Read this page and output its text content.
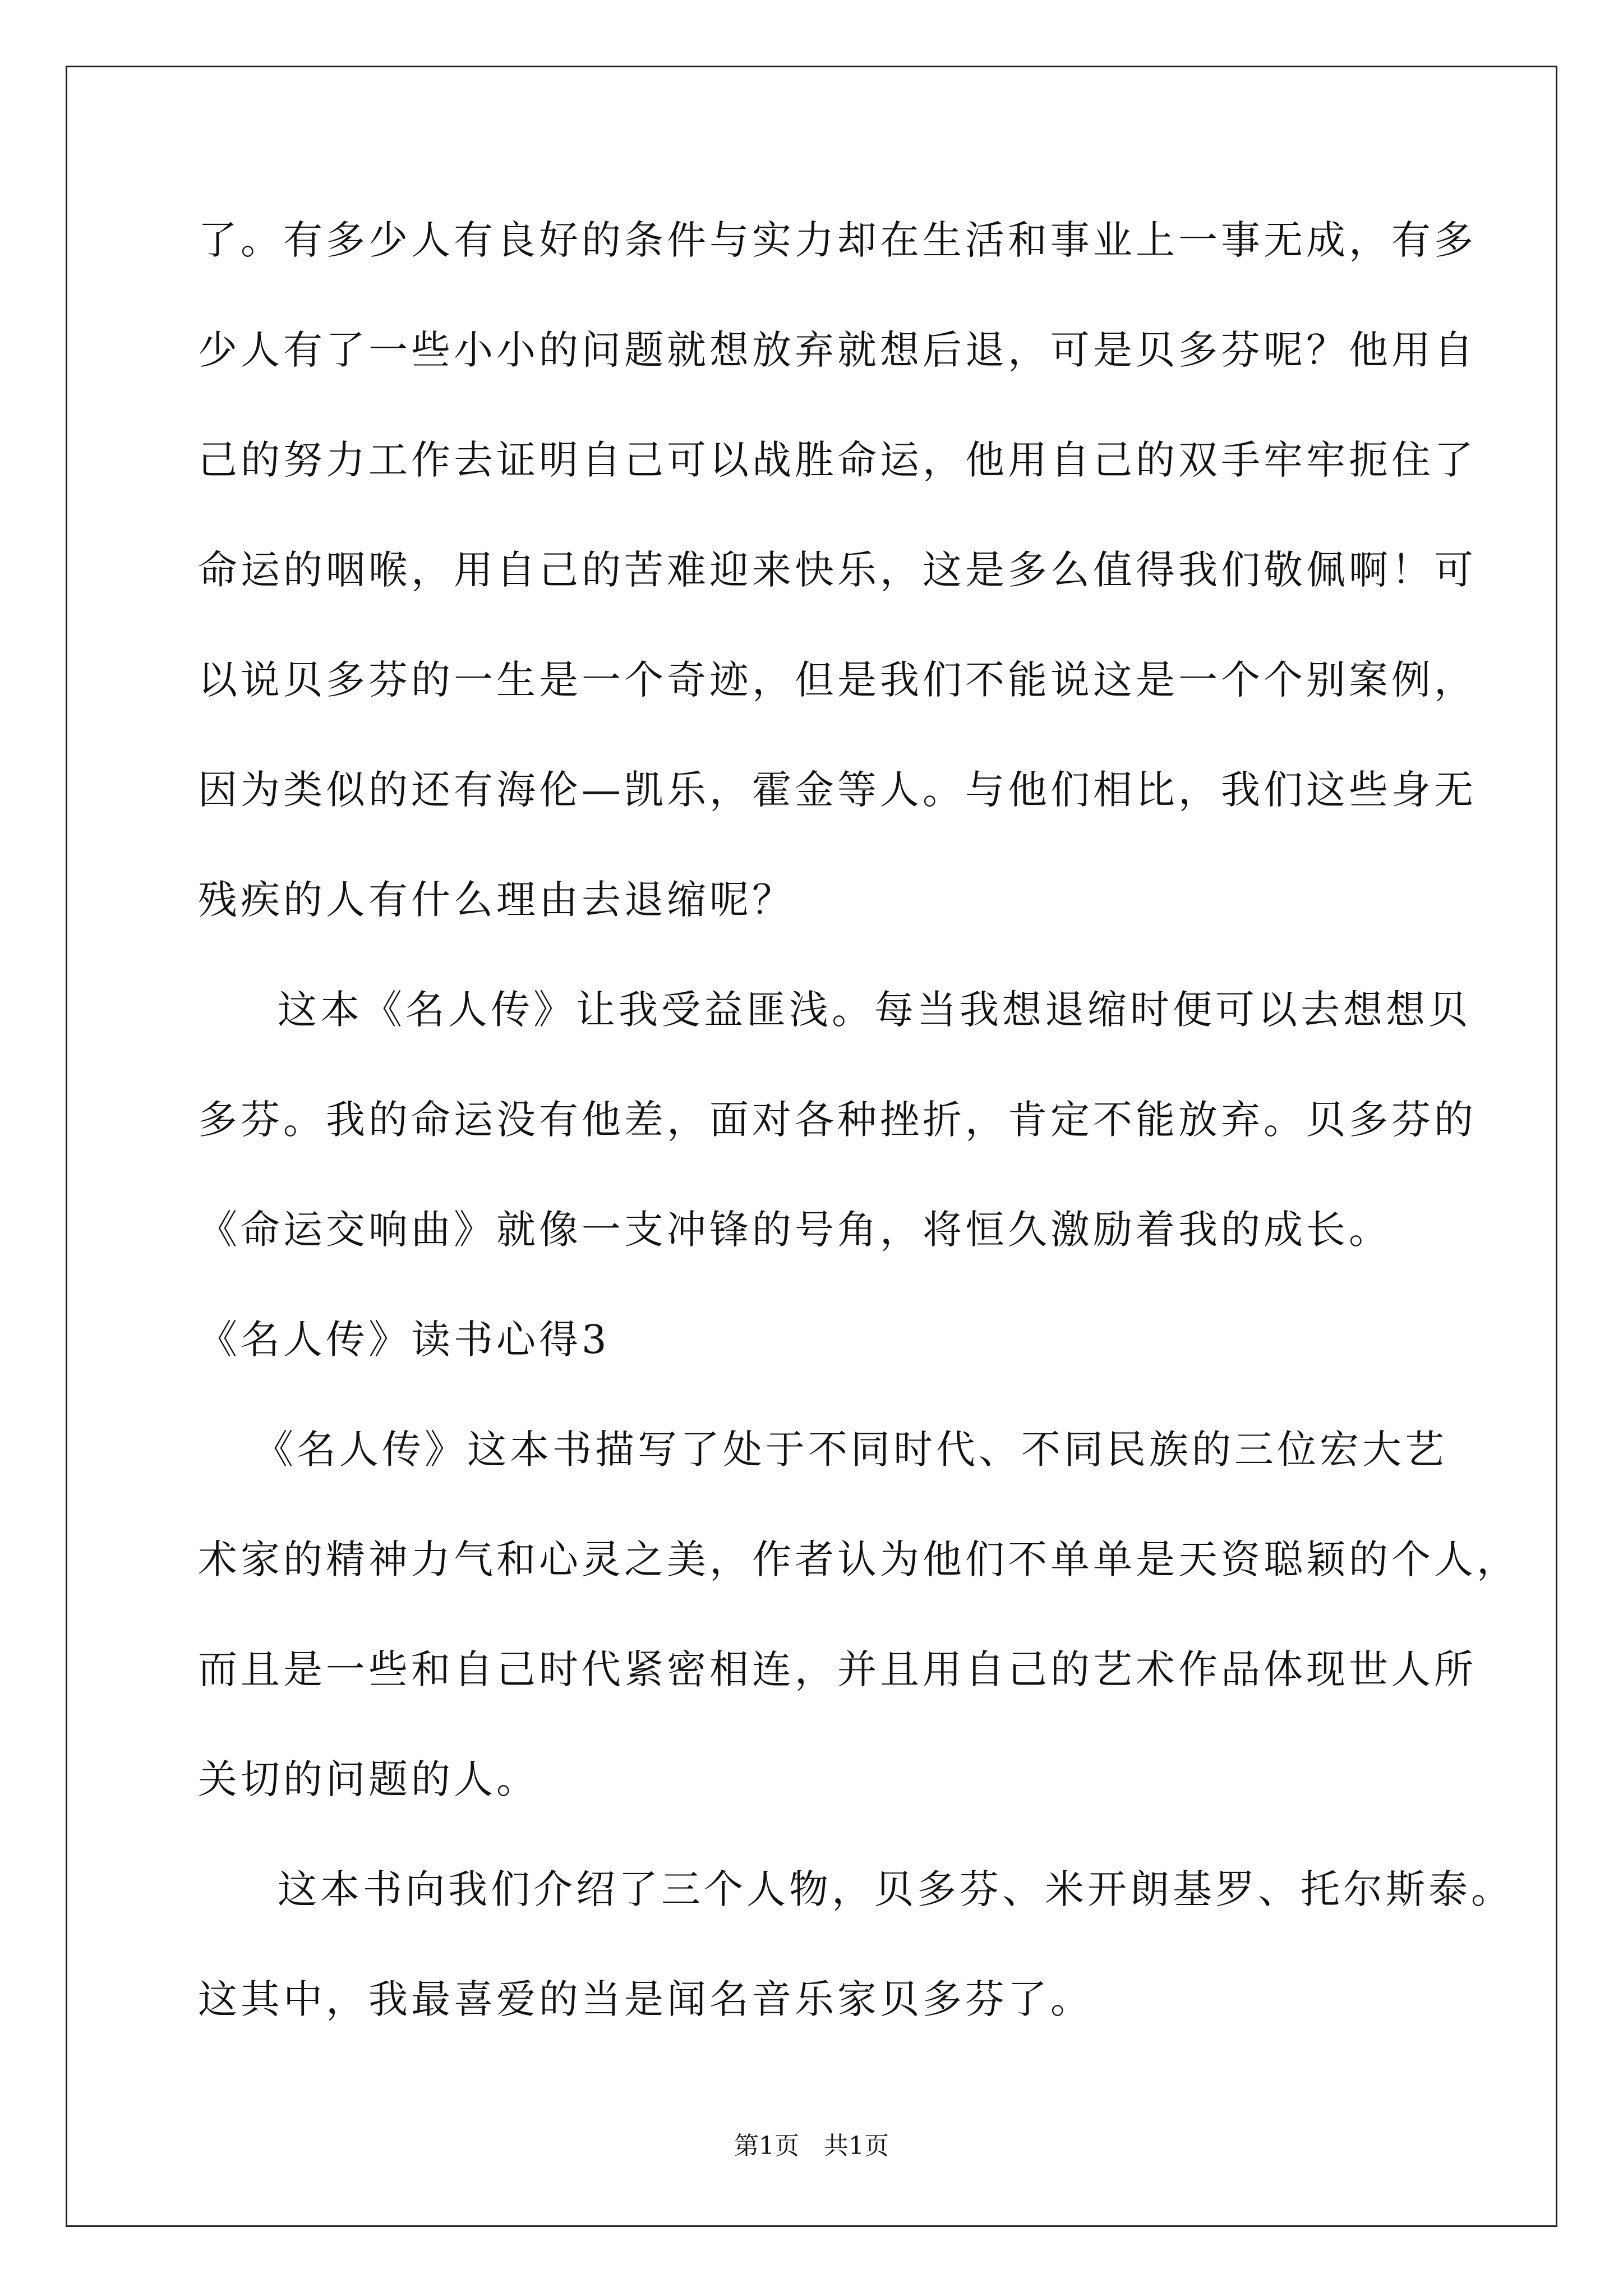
了。有多少人有良好的条件与实力却在生活和事业上一事无成，有多
少人有了一些小小的问题就想放弃就想后退，可是贝多芬呢？他用自
己的努力工作去证明自己可以战胜命运，他用自己的双手牢牢扼住了
命运的咽喉，用自己的苦难迎来快乐，这是多么值得我们敬佩啊！可
以说贝多芬的一生是一个奇迹，但是我们不能说这是一个个别案例，
因为类似的还有海伦—凯乐，霍金等人。与他们相比，我们这些身无
残疾的人有什么理由去退缩呢？
这本《名人传》让我受益匪浅。每当我想退缩时便可以去想想贝
多芬。我的命运没有他差，面对各种挫折，肯定不能放弃。贝多芬的
《命运交响曲》就像一支冲锋的号角，将恒久激励着我的成长。
《名人传》读书心得3
《名人传》这本书描写了处于不同时代、不同民族的三位宏大艺
术家的精神力气和心灵之美，作者认为他们不单单是天资聪颖的个人，
而且是一些和自己时代紧密相连，并且用自己的艺术作品体现世人所
关切的问题的人。
这本书向我们介绍了三个人物，贝多芬、米开朗基罗、托尔斯泰。
这其中，我最喜爱的当是闻名音乐家贝多芬了。
第1页　共1页
